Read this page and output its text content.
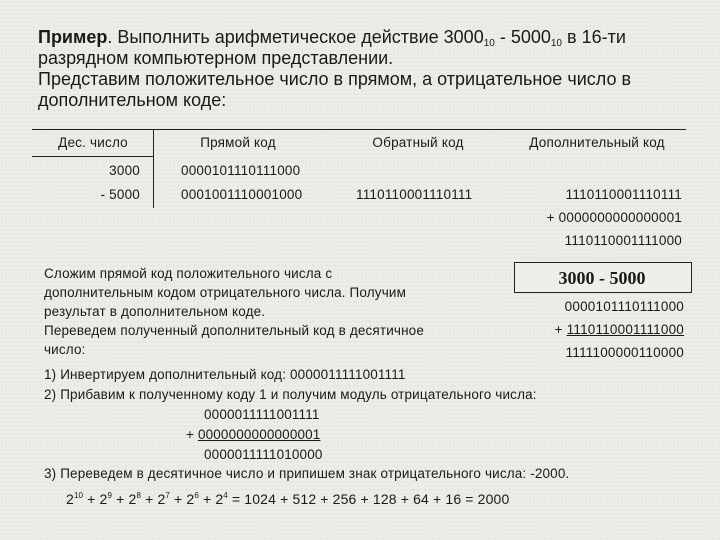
Пример. Выполнить арифметическое действие $3000_{10} - 5000_{10}$ в 16-ти
разрядном компьютерном представлении.
Представим положительное число в прямом, а отрицательное число в
дополнительном коде:
Дес. число	Прямой код	Обратный код	Дополнительный код
3000	0000101110111000
- 5000	0001001110001000	1110110001110111	1110110001110111
+ 0000000000000001
1110110001111000
Сложим прямой код положительного числа с
дополнительным кодом отрицательного числа. Получим
результат в дополнительном коде.
Переведем полученный дополнительный код в десятичное
число:
3000 - 5000
0000101110111000
+ 1110110001111000
1111100000110000
1) Инвертируем дополнительный код: 0000011111001111
2) Прибавим к полученному коду 1 и получим модуль отрицательного числа:
0000011111001111
+ 0000000000000001
0000011111010000
3) Переведем в десятичное число и припишем знак отрицательного числа: -2000.
$2^{10} + 2^9 + 2^8 + 2^7 + 2^6 + 2^4 = 1024 + 512 + 256 + 128 + 64 + 16 = 2000$
